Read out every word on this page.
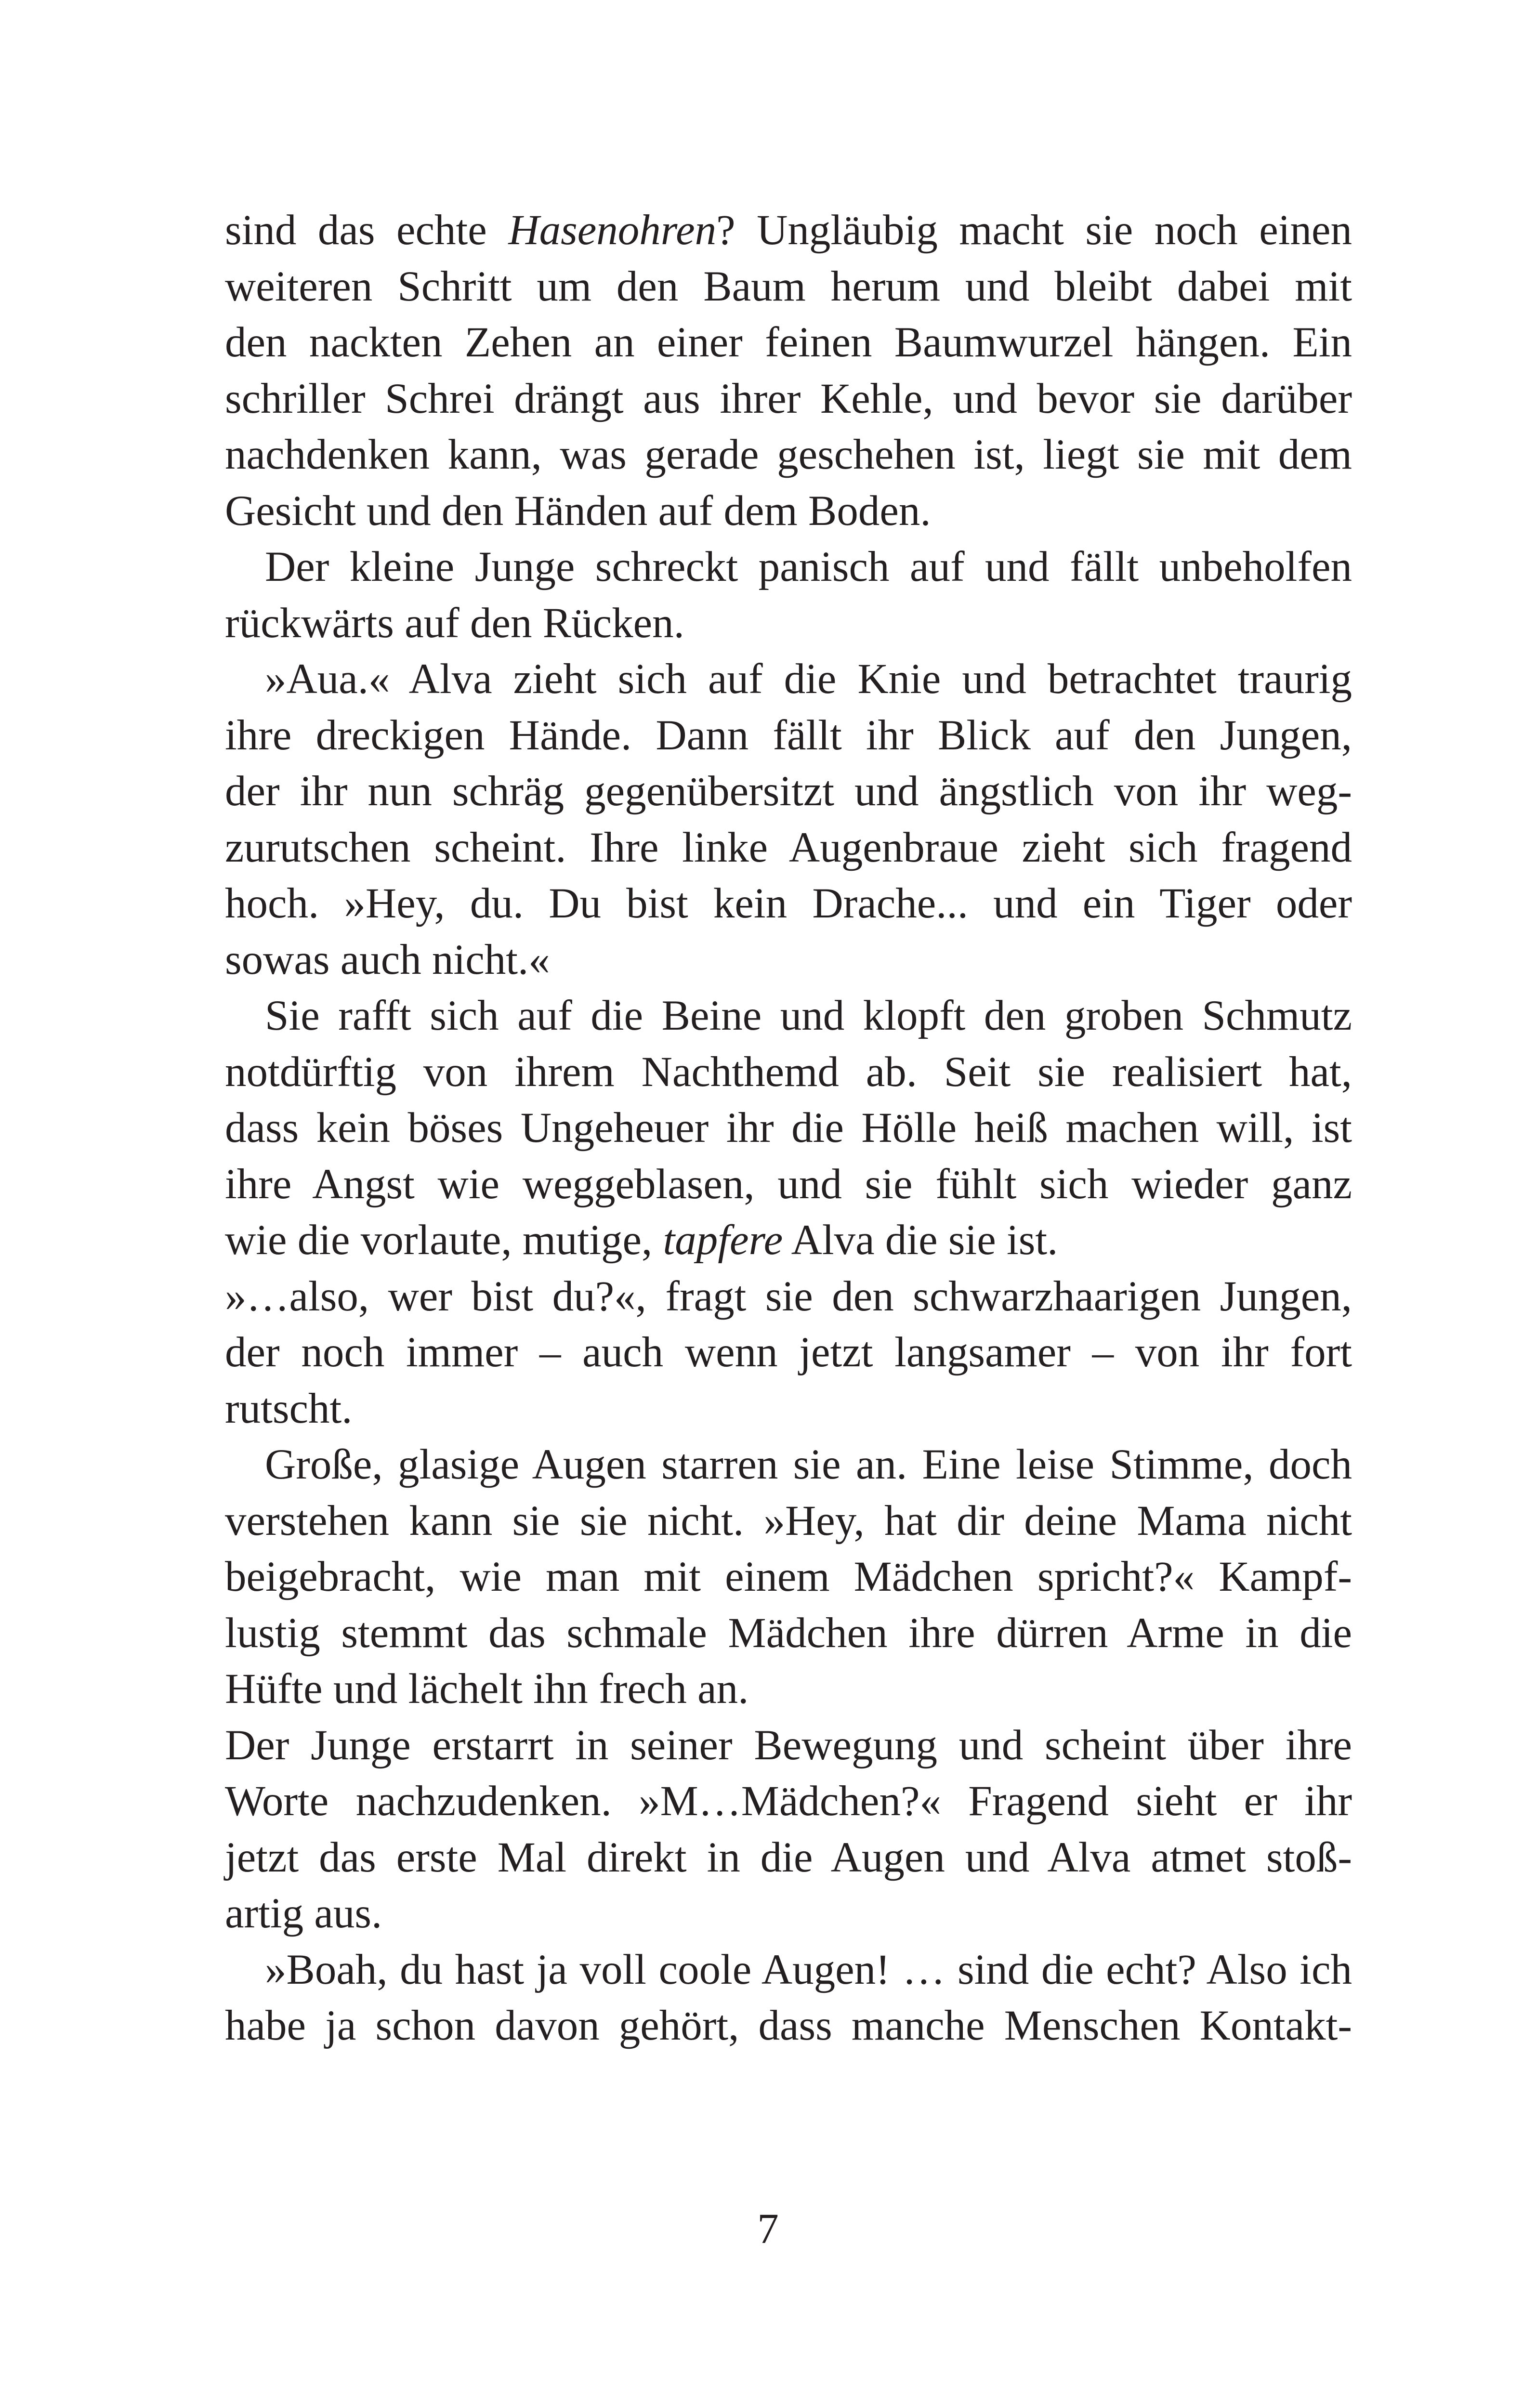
sind das echte Hasenohren? Ungläubig macht sie noch einen
weiteren Schritt um den Baum herum und bleibt dabei mit
den nackten Zehen an einer feinen Baumwurzel hängen. Ein
schriller Schrei drängt aus ihrer Kehle, und bevor sie darüber
nachdenken kann, was gerade geschehen ist, liegt sie mit dem
Gesicht und den Händen auf dem Boden.
Der kleine Junge schreckt panisch auf und fällt unbeholfen
rückwärts auf den Rücken.
»Aua.« Alva zieht sich auf die Knie und betrachtet traurig
ihre dreckigen Hände. Dann fällt ihr Blick auf den Jungen,
der ihr nun schräg gegenübersitzt und ängstlich von ihr weg-
zurutschen scheint. Ihre linke Augenbraue zieht sich fragend
hoch. »Hey, du. Du bist kein Drache... und ein Tiger oder
sowas auch nicht.«
Sie rafft sich auf die Beine und klopft den groben Schmutz
notdürftig von ihrem Nachthemd ab. Seit sie realisiert hat,
dass kein böses Ungeheuer ihr die Hölle heiß machen will, ist
ihre Angst wie weggeblasen, und sie fühlt sich wieder ganz
wie die vorlaute, mutige, tapfere Alva die sie ist.
»…also, wer bist du?«, fragt sie den schwarzhaarigen Jungen,
der noch immer – auch wenn jetzt langsamer – von ihr fort
rutscht.
Große, glasige Augen starren sie an. Eine leise Stimme, doch
verstehen kann sie sie nicht. »Hey, hat dir deine Mama nicht
beigebracht, wie man mit einem Mädchen spricht?« Kampf-
lustig stemmt das schmale Mädchen ihre dürren Arme in die
Hüfte und lächelt ihn frech an.
Der Junge erstarrt in seiner Bewegung und scheint über ihre
Worte nachzudenken. »M…Mädchen?« Fragend sieht er ihr
jetzt das erste Mal direkt in die Augen und Alva atmet stoß-
artig aus.
»Boah, du hast ja voll coole Augen! … sind die echt? Also ich
habe ja schon davon gehört, dass manche Menschen Kontakt-
7
